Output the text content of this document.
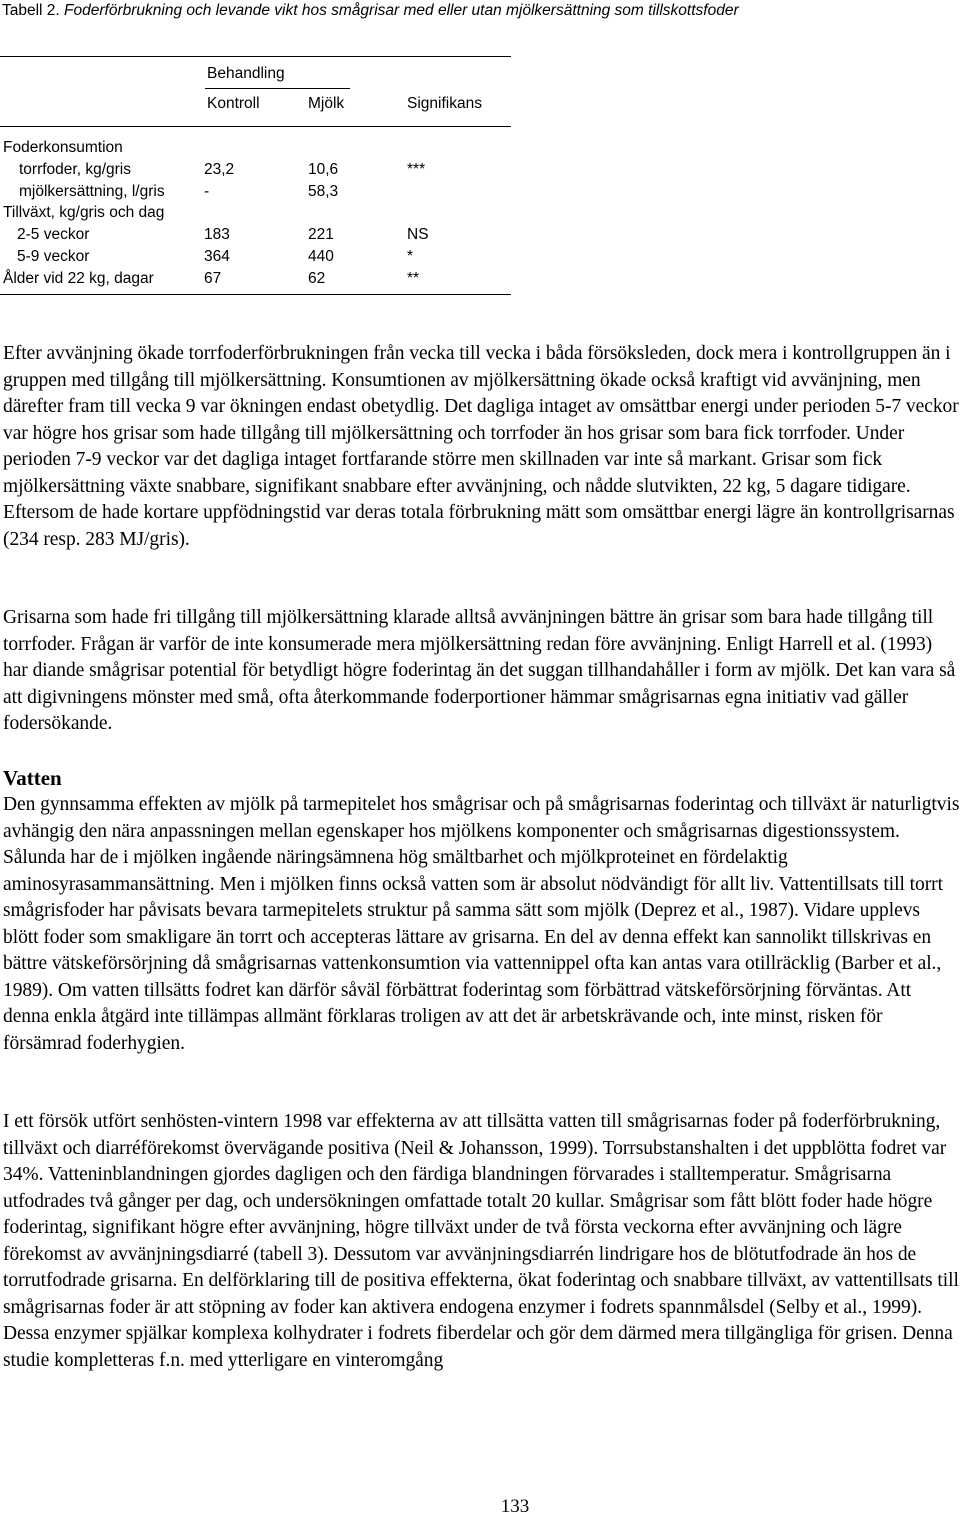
Tabell 2. Foderförbrukning och levande vikt hos smågrisar med eller utan mjölkersättning som tillskottsfoder
Behandling
Kontroll	Mjölk	Signifikans
Foderkonsumtion
torrfoder, kg/gris	23,2	10,6	***
mjölkersättning, l/gris	-	58,3
Tillväxt, kg/gris och dag
2-5 veckor	183	221	NS
5-9 veckor	364	440	*
Ålder vid 22 kg, dagar	67	62	**

Efter avvänjning ökade torrfoderförbrukningen från vecka till vecka i båda försöksleden, dock mera i kontrollgruppen än i gruppen med tillgång till mjölkersättning. Konsumtionen av mjölkersättning ökade också kraftigt vid avvänjning, men därefter fram till vecka 9 var ökningen endast obetydlig. Det dagliga intaget av omsättbar energi under perioden 5-7 veckor var högre hos grisar som hade tillgång till mjölkersättning och torrfoder än hos grisar som bara fick torrfoder. Under perioden 7-9 veckor var det dagliga intaget fortfarande större men skillnaden var inte så markant. Grisar som fick mjölkersättning växte snabbare, signifikant snabbare efter avvänjning, och nådde slutvikten, 22 kg, 5 dagare tidigare. Eftersom de hade kortare uppfödningstid var deras totala förbrukning mätt som omsättbar energi lägre än kontrollgrisarnas (234 resp. 283 MJ/gris).

Grisarna som hade fri tillgång till mjölkersättning klarade alltså avvänjningen bättre än grisar som bara hade tillgång till torrfoder. Frågan är varför de inte konsumerade mera mjölkersättning redan före avvänjning. Enligt Harrell et al. (1993) har diande smågrisar potential för betydligt högre foderintag än det suggan tillhandahåller i form av mjölk. Det kan vara så att digivningens mönster med små, ofta återkommande foderportioner hämmar smågrisarnas egna initiativ vad gäller fodersökande.

Vatten

Den gynnsamma effekten av mjölk på tarmepitelet hos smågrisar och på smågrisarnas foderintag och tillväxt är naturligtvis avhängig den nära anpassningen mellan egenskaper hos mjölkens komponenter och smågrisarnas digestionssystem. Sålunda har de i mjölken ingående näringsämnena hög smältbarhet och mjölkproteinet en fördelaktig aminosyrasammansättning. Men i mjölken finns också vatten som är absolut nödvändigt för allt liv. Vattentillsats till torrt smågrisfoder har påvisats bevara tarmepitelets struktur på samma sätt som mjölk (Deprez et al., 1987). Vidare upplevs blött foder som smakligare än torrt och accepteras lättare av grisarna. En del av denna effekt kan sannolikt tillskrivas en bättre vätskeförsörjning då smågrisarnas vattenkonsumtion via vattennippel ofta kan antas vara otillräcklig (Barber et al., 1989). Om vatten tillsätts fodret kan därför såväl förbättrat foderintag som förbättrad vätskeförsörjning förväntas. Att denna enkla åtgärd inte tillämpas allmänt förklaras troligen av att det är arbetskrävande och, inte minst, risken för försämrad foderhygien.

I ett försök utfört senhösten-vintern 1998 var effekterna av att tillsätta vatten till smågrisarnas foder på foderförbrukning, tillväxt och diarréförekomst övervägande positiva (Neil & Johansson, 1999). Torrsubstanshalten i det uppblötta fodret var 34%. Vatteninblandningen gjordes dagligen och den färdiga blandningen förvarades i stalltemperatur. Smågrisarna utfodrades två gånger per dag, och undersökningen omfattade totalt 20 kullar. Smågrisar som fått blött foder hade högre foderintag, signifikant högre efter avvänjning, högre tillväxt under de två första veckorna efter avvänjning och lägre förekomst av avvänjningsdiarré (tabell 3). Dessutom var avvänjningsdiarrén lindrigare hos de blötutfodrade än hos de torrutfodrade grisarna. En delförklaring till de positiva effekterna, ökat foderintag och snabbare tillväxt, av vattentillsats till smågrisarnas foder är att stöpning av foder kan aktivera endogena enzymer i fodrets spannmålsdel (Selby et al., 1999). Dessa enzymer spjälkar komplexa kolhydrater i fodrets fiberdelar och gör dem därmed mera tillgängliga för grisen. Denna studie kompletteras f.n. med ytterligare en vinteromgång

133
